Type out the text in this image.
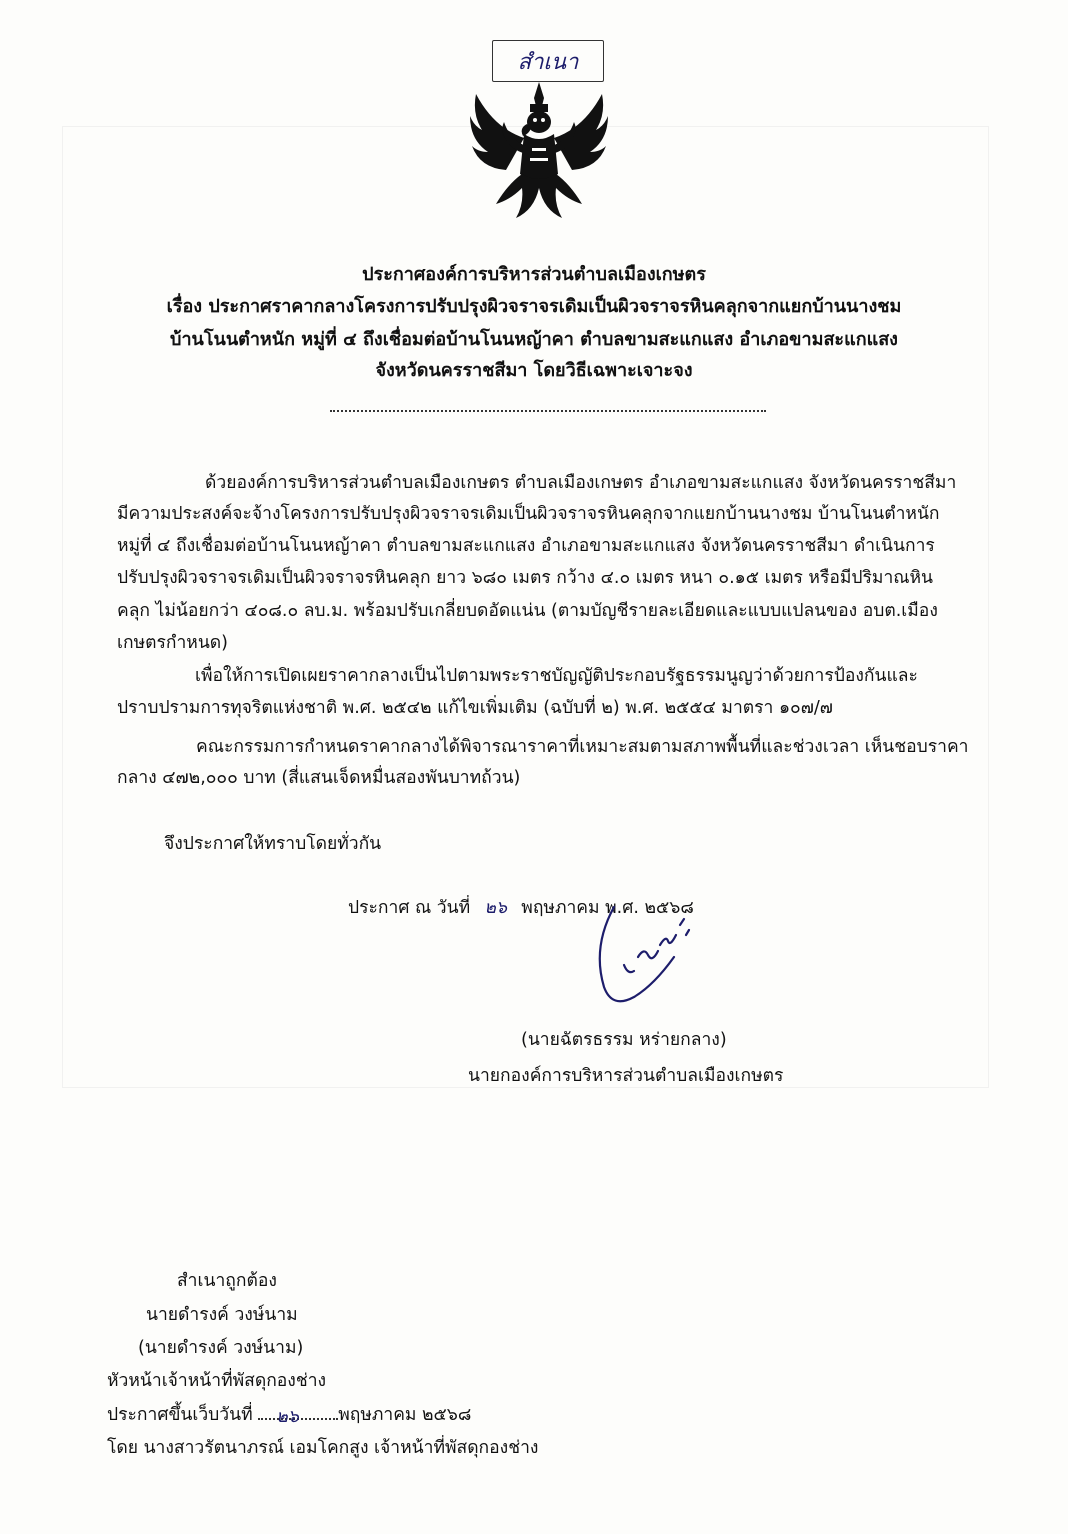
สำเนา
ประกาศองค์การบริหารส่วนตำบลเมืองเกษตร
เรื่อง ประกาศราคากลางโครงการปรับปรุงผิวจราจรเดิมเป็นผิวจราจรหินคลุกจากแยกบ้านนางชม
บ้านโนนตำหนัก หมู่ที่ ๔ ถึงเชื่อมต่อบ้านโนนหญ้าคา ตำบลขามสะแกแสง อำเภอขามสะแกแสง
จังหวัดนครราชสีมา โดยวิธีเฉพาะเจาะจง
ด้วยองค์การบริหารส่วนตำบลเมืองเกษตร ตำบลเมืองเกษตร อำเภอขามสะแกแสง จังหวัดนครราชสีมา
มีความประสงค์จะจ้างโครงการปรับปรุงผิวจราจรเดิมเป็นผิวจราจรหินคลุกจากแยกบ้านนางชม บ้านโนนตำหนัก
หมู่ที่ ๔ ถึงเชื่อมต่อบ้านโนนหญ้าคา ตำบลขามสะแกแสง อำเภอขามสะแกแสง จังหวัดนครราชสีมา ดำเนินการ
ปรับปรุงผิวจราจรเดิมเป็นผิวจราจรหินคลุก ยาว ๖๘๐ เมตร กว้าง ๔.๐ เมตร หนา ๐.๑๕ เมตร หรือมีปริมาณหิน
คลุก ไม่น้อยกว่า ๔๐๘.๐ ลบ.ม. พร้อมปรับเกลี่ยบดอัดแน่น (ตามบัญชีรายละเอียดและแบบแปลนของ อบต.เมือง
เกษตรกำหนด)
เพื่อให้การเปิดเผยราคากลางเป็นไปตามพระราชบัญญัติประกอบรัฐธรรมนูญว่าด้วยการป้องกันและ
ปราบปรามการทุจริตแห่งชาติ พ.ศ. ๒๕๔๒ แก้ไขเพิ่มเติม (ฉบับที่ ๒) พ.ศ. ๒๕๕๔ มาตรา ๑๐๗/๗
คณะกรรมการกำหนดราคากลางได้พิจารณาราคาที่เหมาะสมตามสภาพพื้นที่และช่วงเวลา เห็นชอบราคา
กลาง ๔๗๒,๐๐๐ บาท (สี่แสนเจ็ดหมื่นสองพันบาทถ้วน)
จึงประกาศให้ทราบโดยทั่วกัน
ประกาศ ณ วันที่ ๒๖ พฤษภาคม พ.ศ. ๒๕๖๘
(นายฉัตรธรรม หร่ายกลาง)
นายกองค์การบริหารส่วนตำบลเมืองเกษตร
สำเนาถูกต้อง
นายดำรงค์ วงษ์นาม
(นายดำรงค์ วงษ์นาม)
หัวหน้าเจ้าหน้าที่พัสดุกองช่าง
ประกาศขึ้นเว็บวันที่ ๒๖ พฤษภาคม ๒๕๖๘
โดย นางสาวรัตนาภรณ์ เอมโคกสูง เจ้าหน้าที่พัสดุกองช่าง
